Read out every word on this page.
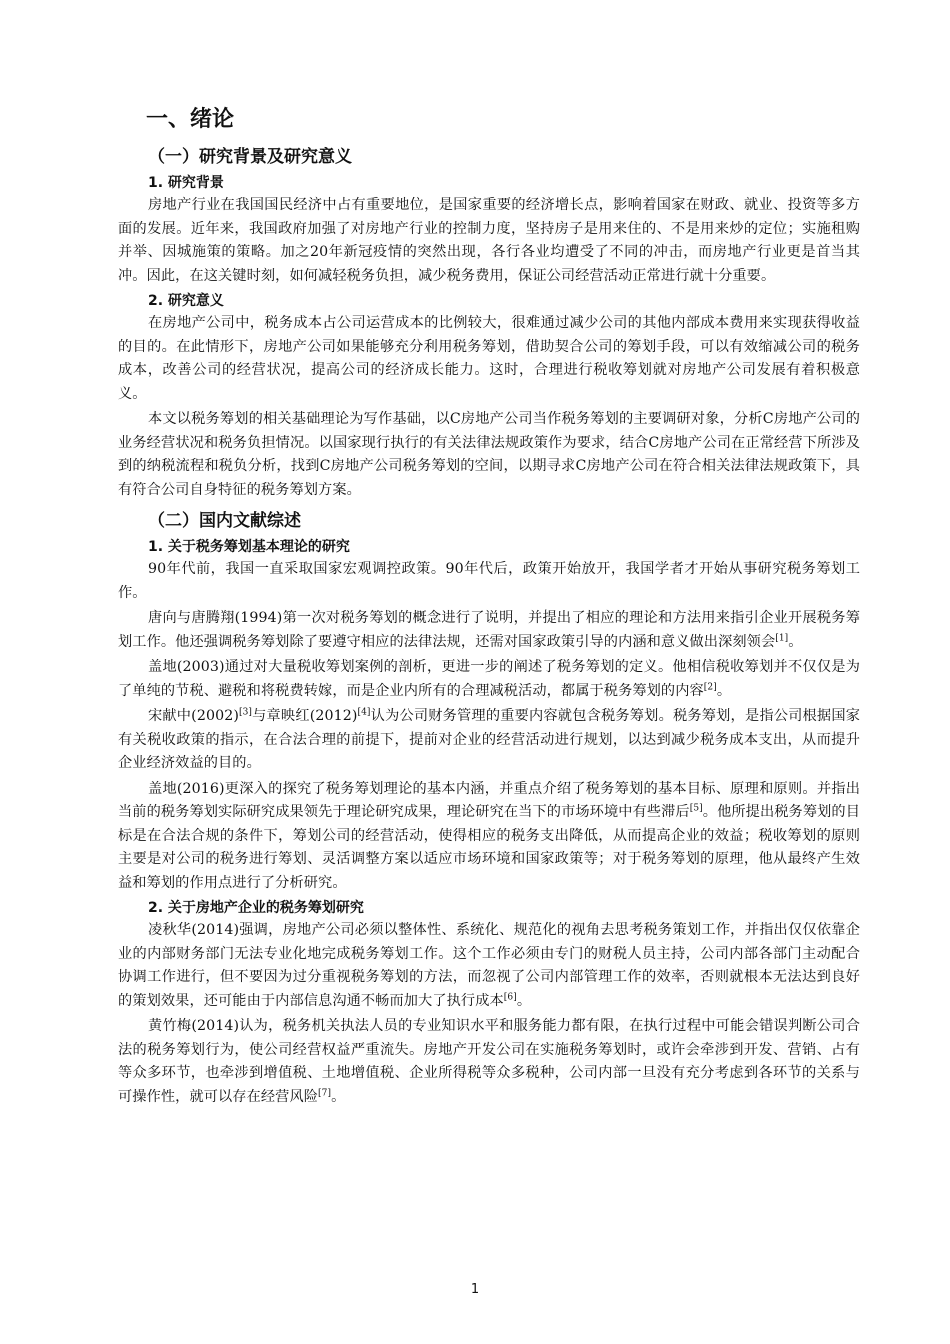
一、绪论
（一）研究背景及研究意义
1. 研究背景

房地产行业在我国国民经济中占有重要地位，是国家重要的经济增长点，影响着国家在财政、就业、投资等多方面的发展。近年来，我国政府加强了对房地产行业的控制力度，坚持房子是用来住的、不是用来炒的定位；实施租购并举、因城施策的策略。加之20年新冠疫情的突然出现，各行各业均遭受了不同的冲击，而房地产行业更是首当其冲。因此，在这关键时刻，如何减轻税务负担，减少税务费用，保证公司经营活动正常进行就十分重要。

2. 研究意义

在房地产公司中，税务成本占公司运营成本的比例较大，很难通过减少公司的其他内部成本费用来实现获得收益的目的。在此情形下，房地产公司如果能够充分利用税务筹划，借助契合公司的筹划手段，可以有效缩减公司的税务成本，改善公司的经营状况，提高公司的经济成长能力。这时，合理进行税收筹划就对房地产公司发展有着积极意义。

本文以税务筹划的相关基础理论为写作基础，以C房地产公司当作税务筹划的主要调研对象，分析C房地产公司的业务经营状况和税务负担情况。以国家现行执行的有关法律法规政策作为要求，结合C房地产公司在正常经营下所涉及到的纳税流程和税负分析，找到C房地产公司税务筹划的空间，以期寻求C房地产公司在符合相关法律法规政策下，具有符合公司自身特征的税务筹划方案。

（二）国内文献综述
1. 关于税务筹划基本理论的研究

90年代前，我国一直采取国家宏观调控政策。90年代后，政策开始放开，我国学者才开始从事研究税务筹划工作。

唐向与唐腾翔(1994)第一次对税务筹划的概念进行了说明，并提出了相应的理论和方法用来指引企业开展税务筹划工作。他还强调税务筹划除了要遵守相应的法律法规，还需对国家政策引导的内涵和意义做出深刻领会[1]。

盖地(2003)通过对大量税收筹划案例的剖析，更进一步的阐述了税务筹划的定义。他相信税收筹划并不仅仅是为了单纯的节税、避税和将税费转嫁，而是企业内所有的合理减税活动，都属于税务筹划的内容[2]。

宋献中(2002)[3]与章映红(2012)[4]认为公司财务管理的重要内容就包含税务筹划。税务筹划，是指公司根据国家有关税收政策的指示，在合法合理的前提下，提前对企业的经营活动进行规划，以达到减少税务成本支出，从而提升企业经济效益的目的。

盖地(2016)更深入的探究了税务筹划理论的基本内涵，并重点介绍了税务筹划的基本目标、原理和原则。并指出当前的税务筹划实际研究成果领先于理论研究成果，理论研究在当下的市场环境中有些滞后[5]。他所提出税务筹划的目标是在合法合规的条件下，筹划公司的经营活动，使得相应的税务支出降低，从而提高企业的效益；税收筹划的原则主要是对公司的税务进行筹划、灵活调整方案以适应市场环境和国家政策等；对于税务筹划的原理，他从最终产生效益和筹划的作用点进行了分析研究。

2. 关于房地产企业的税务筹划研究

凌秋华(2014)强调，房地产公司必须以整体性、系统化、规范化的视角去思考税务策划工作，并指出仅仅依靠企业的内部财务部门无法专业化地完成税务筹划工作。这个工作必须由专门的财税人员主持，公司内部各部门主动配合协调工作进行，但不要因为过分重视税务筹划的方法，而忽视了公司内部管理工作的效率，否则就根本无法达到良好的策划效果，还可能由于内部信息沟通不畅而加大了执行成本[6]。

黄竹梅(2014)认为，税务机关执法人员的专业知识水平和服务能力都有限，在执行过程中可能会错误判断公司合法的税务筹划行为，使公司经营权益严重流失。房地产开发公司在实施税务筹划时，或许会牵涉到开发、营销、占有等众多环节，也牵涉到增值税、土地增值税、企业所得税等众多税种，公司内部一旦没有充分考虑到各环节的关系与可操作性，就可以存在经营风险[7]。

1
